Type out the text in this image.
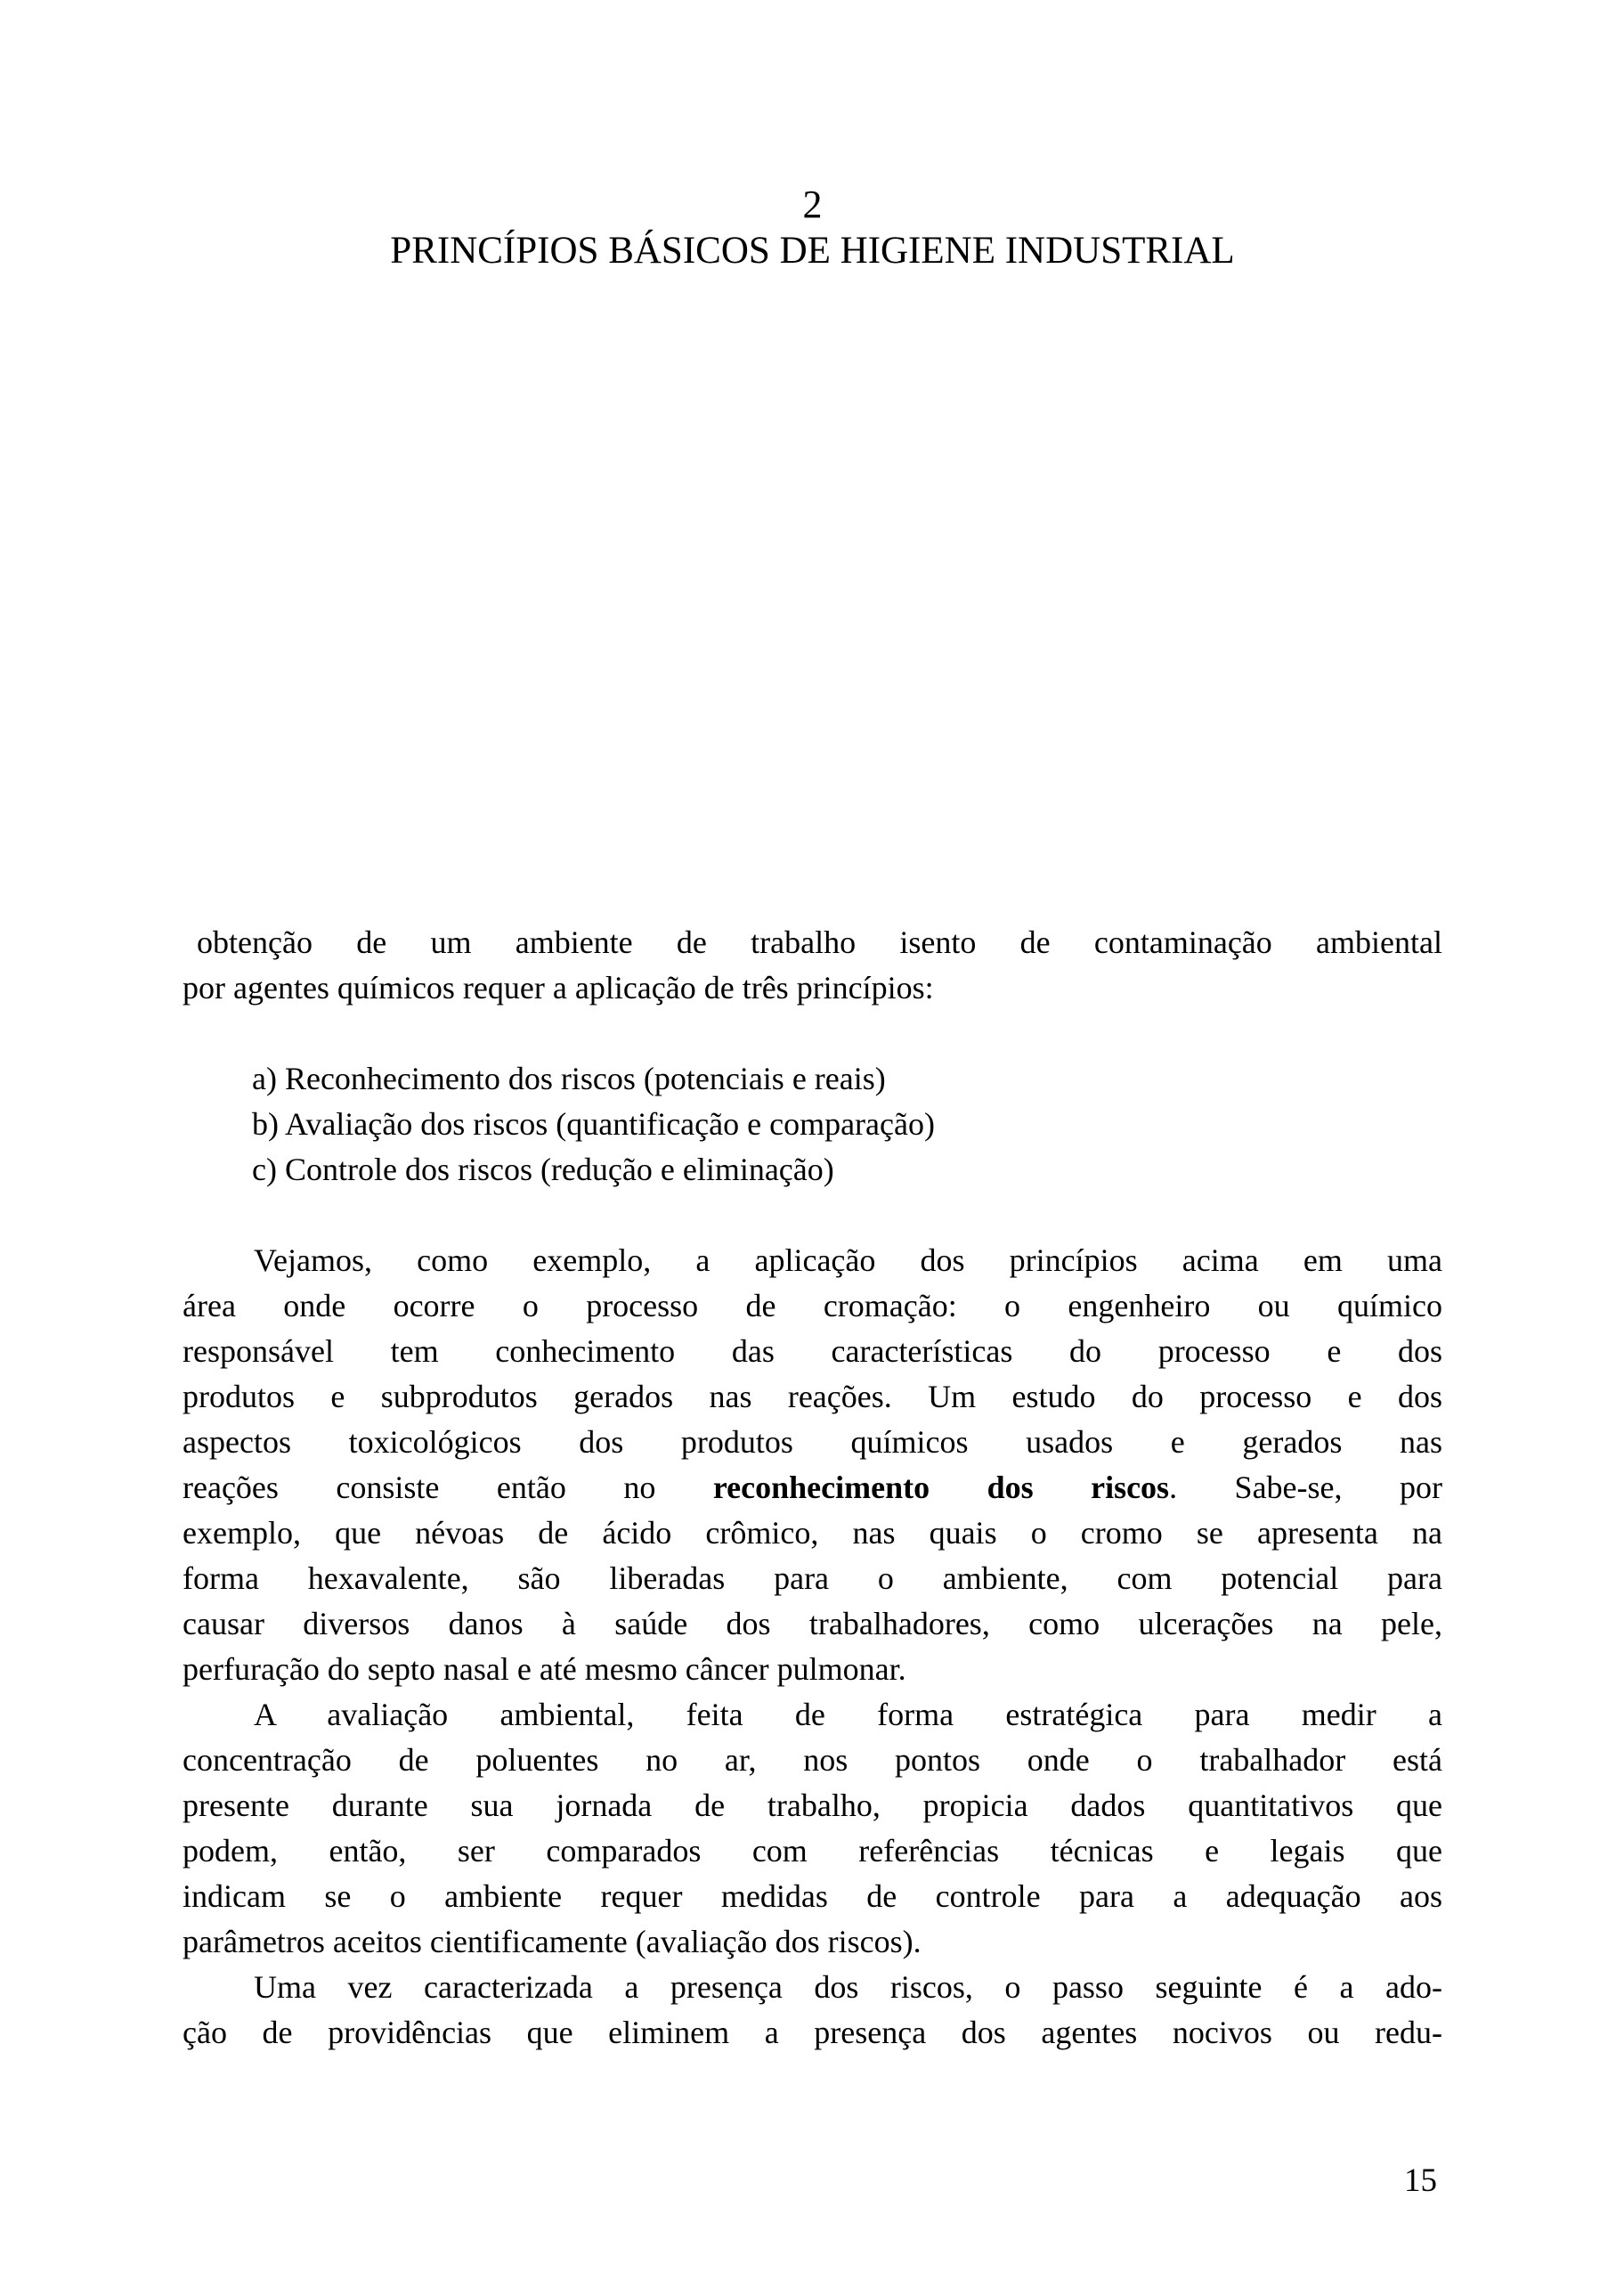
2
PRINCÍPIOS BÁSICOS DE HIGIENE INDUSTRIAL
obtenção de um ambiente de trabalho isento de contaminação ambiental
por agentes químicos requer a aplicação de três princípios:
a) Reconhecimento dos riscos (potenciais e reais)
b) Avaliação dos riscos (quantificação e comparação)
c) Controle dos riscos (redução e eliminação)
Vejamos, como exemplo, a aplicação dos princípios acima em uma
área onde ocorre o processo de cromação: o engenheiro ou químico
responsável tem conhecimento das características do processo e dos
produtos e subprodutos gerados nas reações. Um estudo do processo e dos
aspectos toxicológicos dos produtos químicos usados e gerados nas
reações consiste então no reconhecimento dos riscos. Sabe-se, por
exemplo, que névoas de ácido crômico, nas quais o cromo se apresenta na
forma hexavalente, são liberadas para o ambiente, com potencial para
causar diversos danos à saúde dos trabalhadores, como ulcerações na pele,
perfuração do septo nasal e até mesmo câncer pulmonar.
A avaliação ambiental, feita de forma estratégica para medir a
concentração de poluentes no ar, nos pontos onde o trabalhador está
presente durante sua jornada de trabalho, propicia dados quantitativos que
podem, então, ser comparados com referências técnicas e legais que
indicam se o ambiente requer medidas de controle para a adequação aos
parâmetros aceitos cientificamente (avaliação dos riscos).
Uma vez caracterizada a presença dos riscos, o passo seguinte é a ado-
ção de providências que eliminem a presença dos agentes nocivos ou redu-
15
